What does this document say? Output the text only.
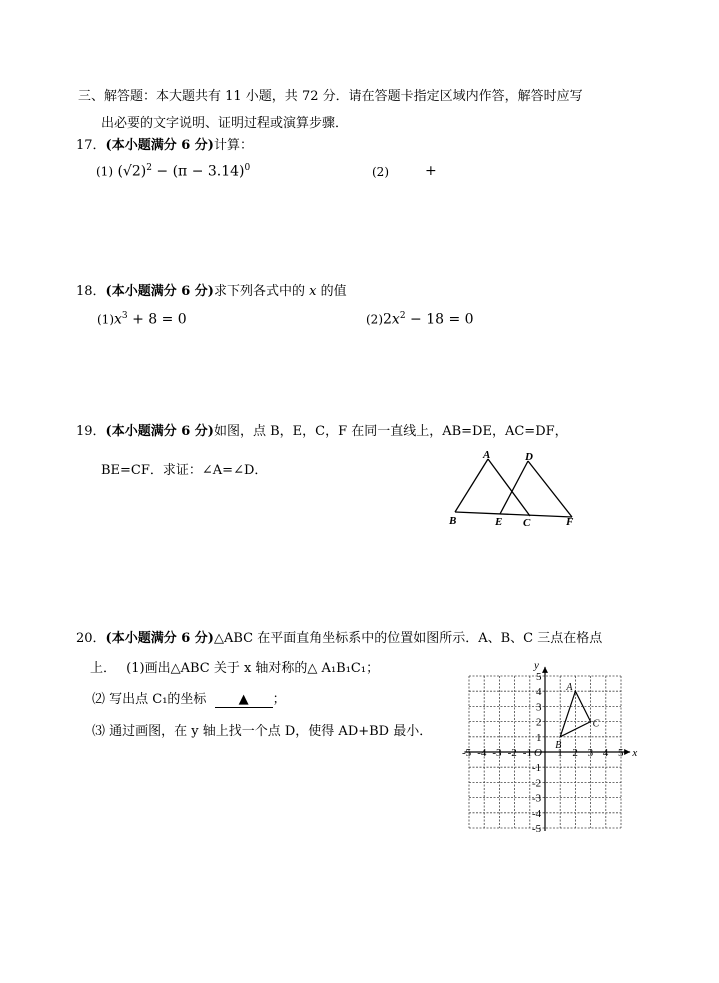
三、解答题：本大题共有 11 小题，共 72 分．请在答题卡指定区域内作答，解答时应写
出必要的文字说明、证明过程或演算步骤．
17．(本小题满分 6 分)计算：
(1) $(√2)^2 - (\pi - 3.14)^0$	(2)	+
18．(本小题满分 6 分)求下列各式中的 x 的值
$(1)x^3 + 8 = 0$	$(2)2x^2 - 18 = 0$
19．(本小题满分 6 分)如图，点 B，E，C，F 在同一直线上，AB=DE，AC=DF，
BE=CF．求证：∠A=∠D．
A	D
B	E C	F
20．(本小题满分 6 分)△ABC 在平面直角坐标系中的位置如图所示．A、B、C 三点在格点
上． (1)画出△ABC 关于 x 轴对称的△ A₁B₁C₁；
⑵ 写出点 C₁的坐标 ▲ ；
⑶ 通过画图，在 y 轴上找一个点 D，使得 AD+BD 最小．
x
y
O
-5 -4 -3 -2 -1 1 2 3 4 5
5
4
3
2
1
-1
-2
-3
-4
-5
A
B
C
